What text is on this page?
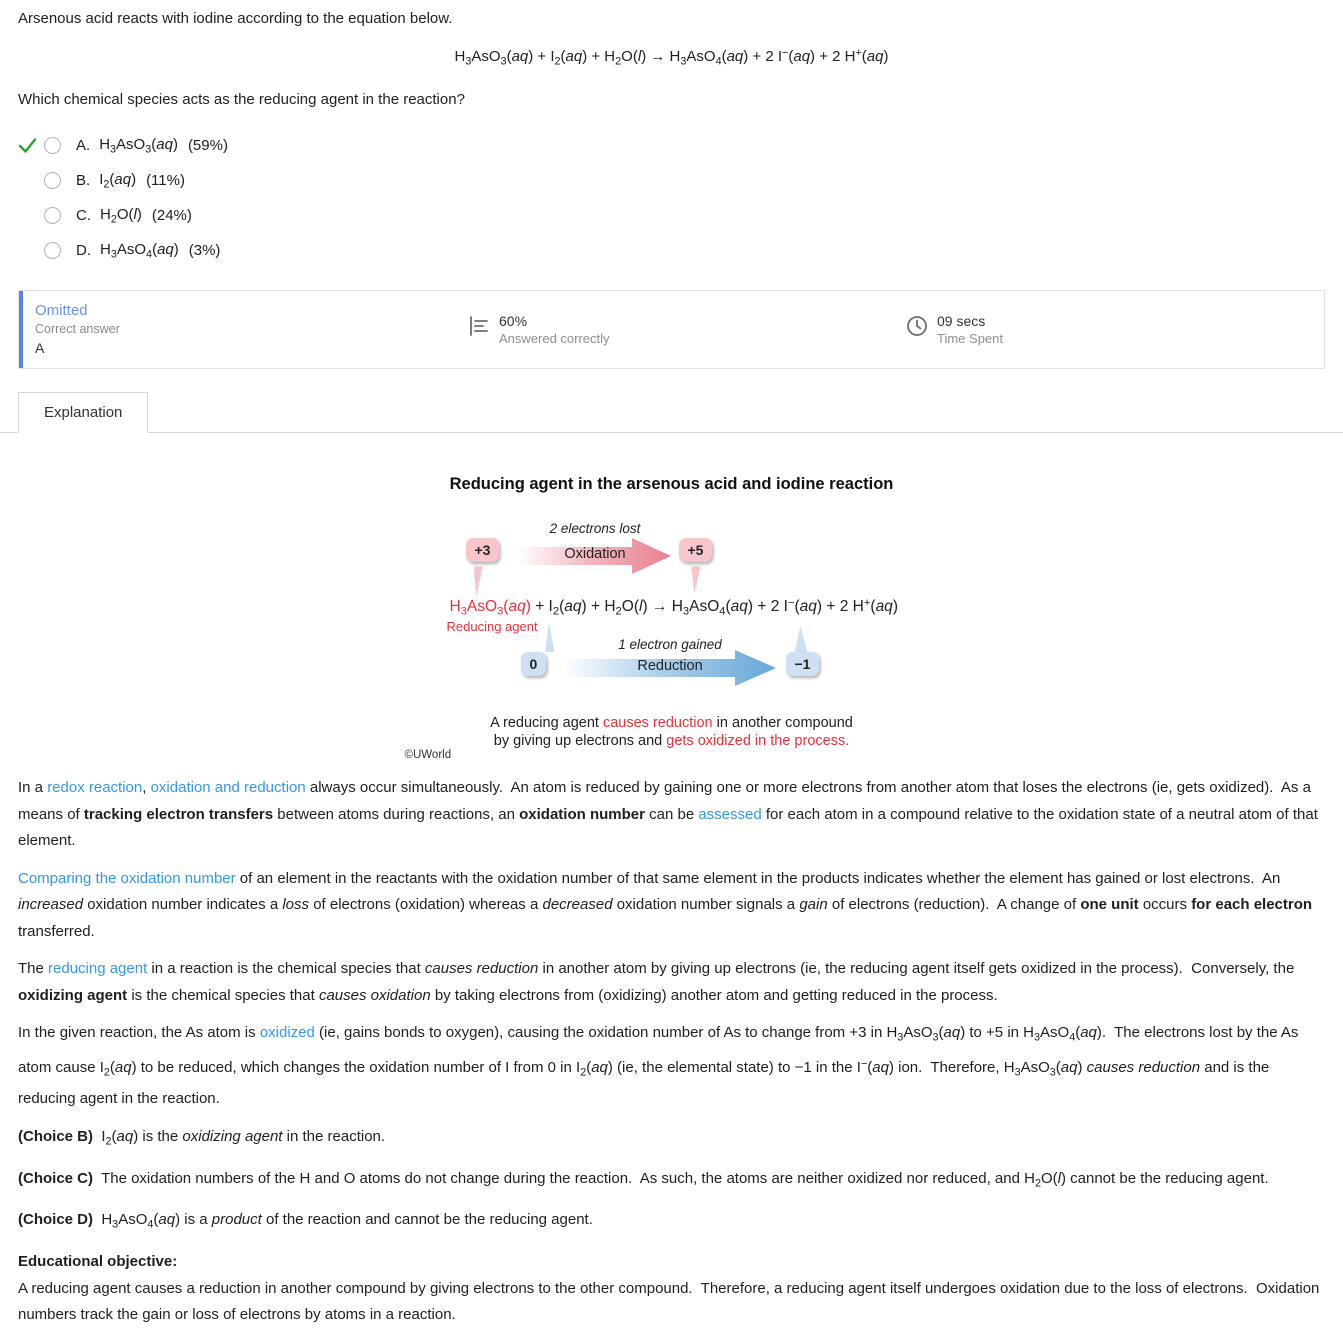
Arsenous acid reacts with iodine according to the equation below.
$H_3AsO_3(aq) + I_2(aq) + H_2O(l) \to H_3AsO_4(aq) + 2$ I−(aq) + 2 H+(aq)
Which chemical species acts as the reducing agent in the reaction?
A. $H_3AsO_3(aq)$ (59%)
B. $I_2(aq)$ (11%)
C. $H_2O(l)$ (24%)
D. $H_3AsO_4(aq)$ (3%)
Omitted
Correct answer
A
60%
Answered correctly
09 secs
Time Spent
Explanation
Reducing agent in the arsenous acid and iodine reaction
2 electrons lost
+3	Oxidation	+5
$H_3AsO_3(aq) + I_2(aq) + H_2O(l) \to H_3AsO_4(aq) + 2$ I−(aq) + 2 H+(aq)
Reducing agent
1 electron gained
0	Reduction	−1
A reducing agent causes reduction in another compound
by giving up electrons and gets oxidized in the process.
©UWorld
In a redox reaction, oxidation and reduction always occur simultaneously.  An atom is reduced by gaining one or more electrons from another atom that loses the electrons (ie, gets oxidized).  As a means of tracking electron transfers between atoms during reactions, an oxidation number can be assessed for each atom in a compound relative to the oxidation state of a neutral atom of that element.
Comparing the oxidation number of an element in the reactants with the oxidation number of that same element in the products indicates whether the element has gained or lost electrons.  An increased oxidation number indicates a loss of electrons (oxidation) whereas a decreased oxidation number signals a gain of electrons (reduction).  A change of one unit occurs for each electron transferred.
The reducing agent in a reaction is the chemical species that causes reduction in another atom by giving up electrons (ie, the reducing agent itself gets oxidized in the process).  Conversely, the oxidizing agent is the chemical species that causes oxidation by taking electrons from (oxidizing) another atom and getting reduced in the process.
In the given reaction, the As atom is oxidized (ie, gains bonds to oxygen), causing the oxidation number of As to change from +3 in $H_3AsO_3(aq)$ to +5 in $H_3AsO_4(aq)$.  The electrons lost by the As atom cause $I_2(aq)$ to be reduced, which changes the oxidation number of I from 0 in $I_2(aq)$ (ie, the elemental state) to −1 in the I−(aq) ion.  Therefore, $H_3AsO_3(aq)$ causes reduction and is the reducing agent in the reaction.
(Choice B)  $I_2(aq)$ is the oxidizing agent in the reaction.
(Choice C)  The oxidation numbers of the H and O atoms do not change during the reaction.  As such, the atoms are neither oxidized nor reduced, and $H_2O(l)$ cannot be the reducing agent.
(Choice D)  $H_3AsO_4(aq)$ is a product of the reaction and cannot be the reducing agent.
Educational objective:
A reducing agent causes a reduction in another compound by giving electrons to the other compound.  Therefore, a reducing agent itself undergoes oxidation due to the loss of electrons.  Oxidation numbers track the gain or loss of electrons by atoms in a reaction.
